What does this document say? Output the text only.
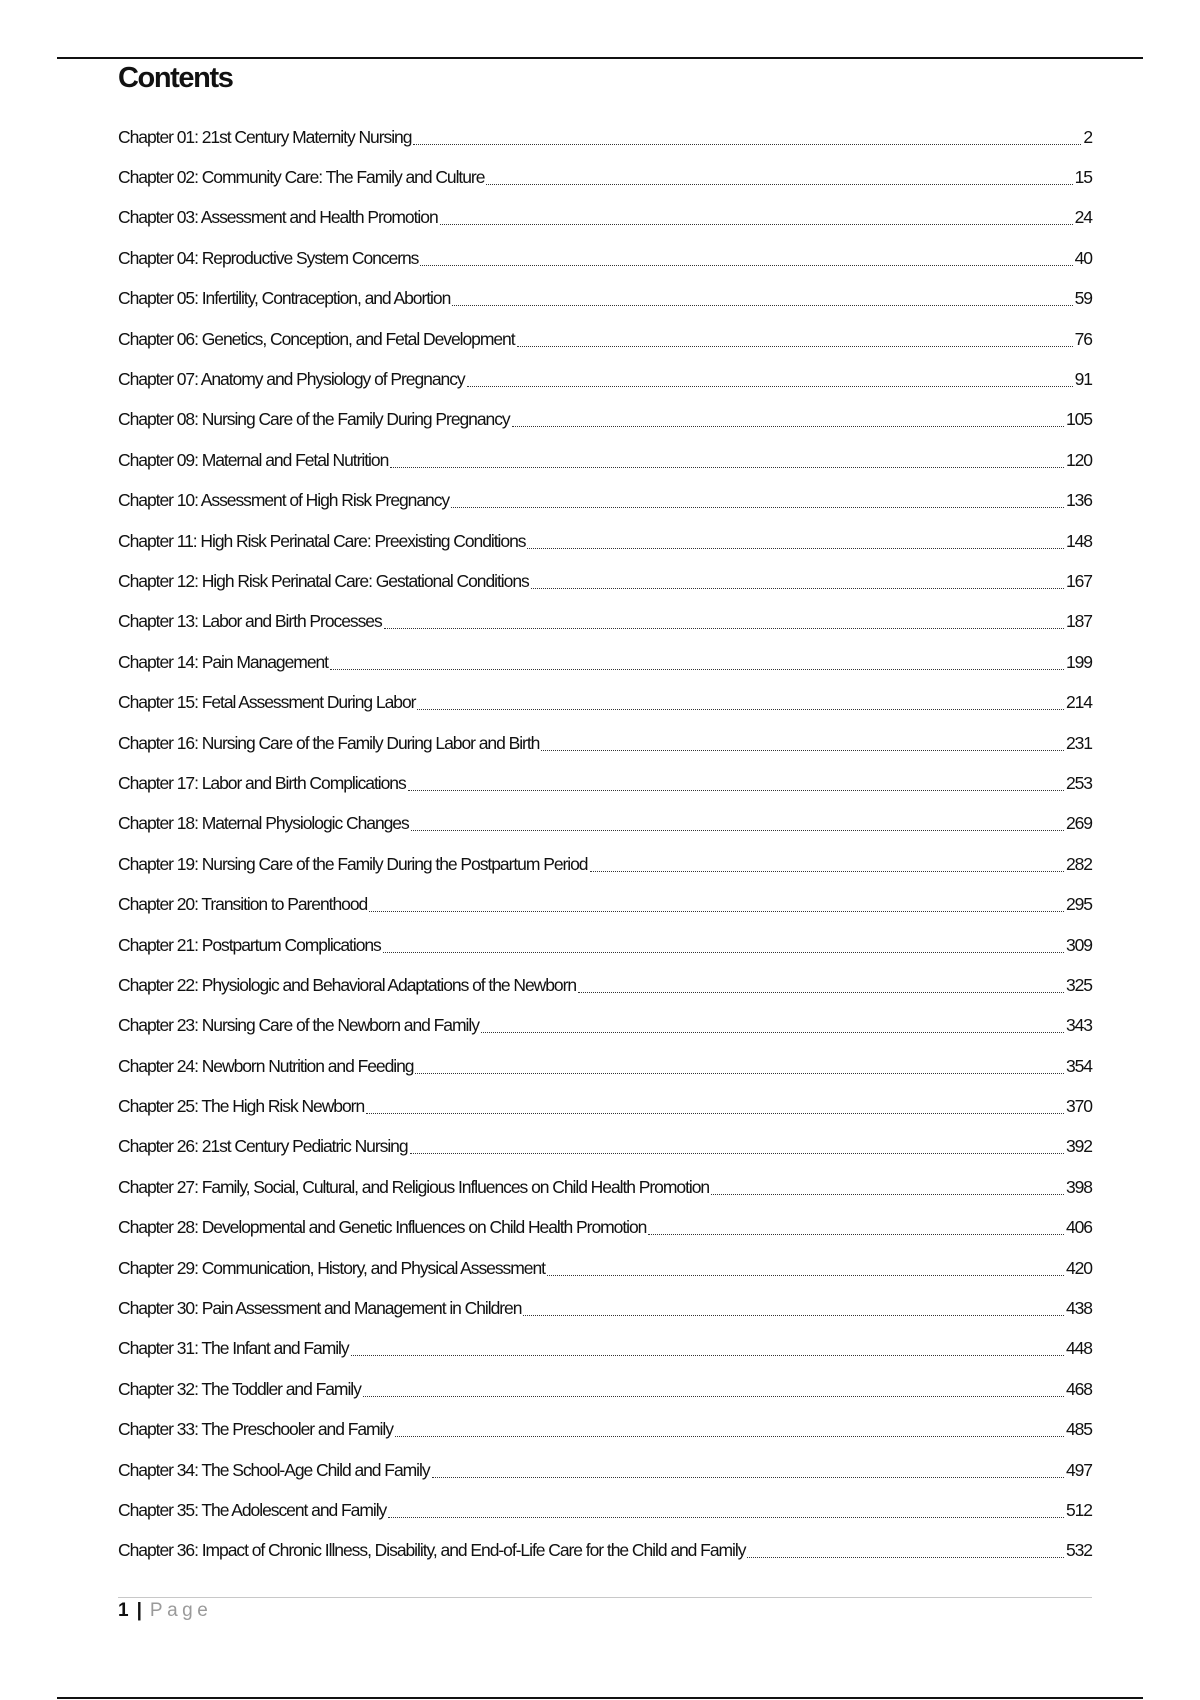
Contents
Chapter 01: 21st Century Maternity Nursing	2
Chapter 02: Community Care: The Family and Culture	15
Chapter 03: Assessment and Health Promotion	24
Chapter 04: Reproductive System Concerns	40
Chapter 05: Infertility, Contraception, and Abortion	59
Chapter 06: Genetics, Conception, and Fetal Development	76
Chapter 07: Anatomy and Physiology of Pregnancy	91
Chapter 08: Nursing Care of the Family During Pregnancy	105
Chapter 09: Maternal and Fetal Nutrition	120
Chapter 10: Assessment of High Risk Pregnancy	136
Chapter 11: High Risk Perinatal Care: Preexisting Conditions	148
Chapter 12: High Risk Perinatal Care: Gestational Conditions	167
Chapter 13: Labor and Birth Processes	187
Chapter 14: Pain Management	199
Chapter 15: Fetal Assessment During Labor	214
Chapter 16: Nursing Care of the Family During Labor and Birth	231
Chapter 17: Labor and Birth Complications	253
Chapter 18: Maternal Physiologic Changes	269
Chapter 19: Nursing Care of the Family During the Postpartum Period	282
Chapter 20: Transition to Parenthood	295
Chapter 21: Postpartum Complications	309
Chapter 22: Physiologic and Behavioral Adaptations of the Newborn	325
Chapter 23: Nursing Care of the Newborn and Family	343
Chapter 24: Newborn Nutrition and Feeding	354
Chapter 25: The High Risk Newborn	370
Chapter 26: 21st Century Pediatric Nursing	392
Chapter 27: Family, Social, Cultural, and Religious Influences on Child Health Promotion	398
Chapter 28: Developmental and Genetic Influences on Child Health Promotion	406
Chapter 29: Communication, History, and Physical Assessment	420
Chapter 30: Pain Assessment and Management in Children	438
Chapter 31: The Infant and Family	448
Chapter 32: The Toddler and Family	468
Chapter 33: The Preschooler and Family	485
Chapter 34: The School-Age Child and Family	497
Chapter 35: The Adolescent and Family	512
Chapter 36: Impact of Chronic Illness, Disability, and End-of-Life Care for the Child and Family	532
1 | Page
